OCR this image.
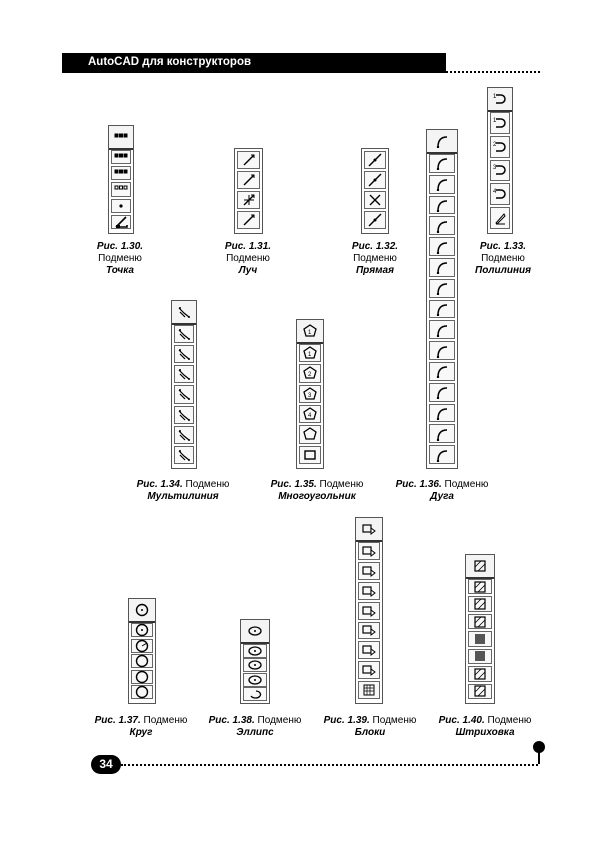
AutoCAD для конструкторов
1
1
2
3
4
1
1
2
3
4
Рис. 1.30.
Подменю
Точка
Рис. 1.31.
Подменю
Луч
Рис. 1.32.
Подменю
Прямая
Рис. 1.33.
Подменю
Полилиния
Рис. 1.34. Подменю
Мультилиния
Рис. 1.35. Подменю
Многоугольник
Рис. 1.36. Подменю
Дуга
Рис. 1.37. Подменю
Круг
Рис. 1.38. Подменю
Эллипс
Рис. 1.39. Подменю
Блоки
Рис. 1.40. Подменю
Штриховка
34
